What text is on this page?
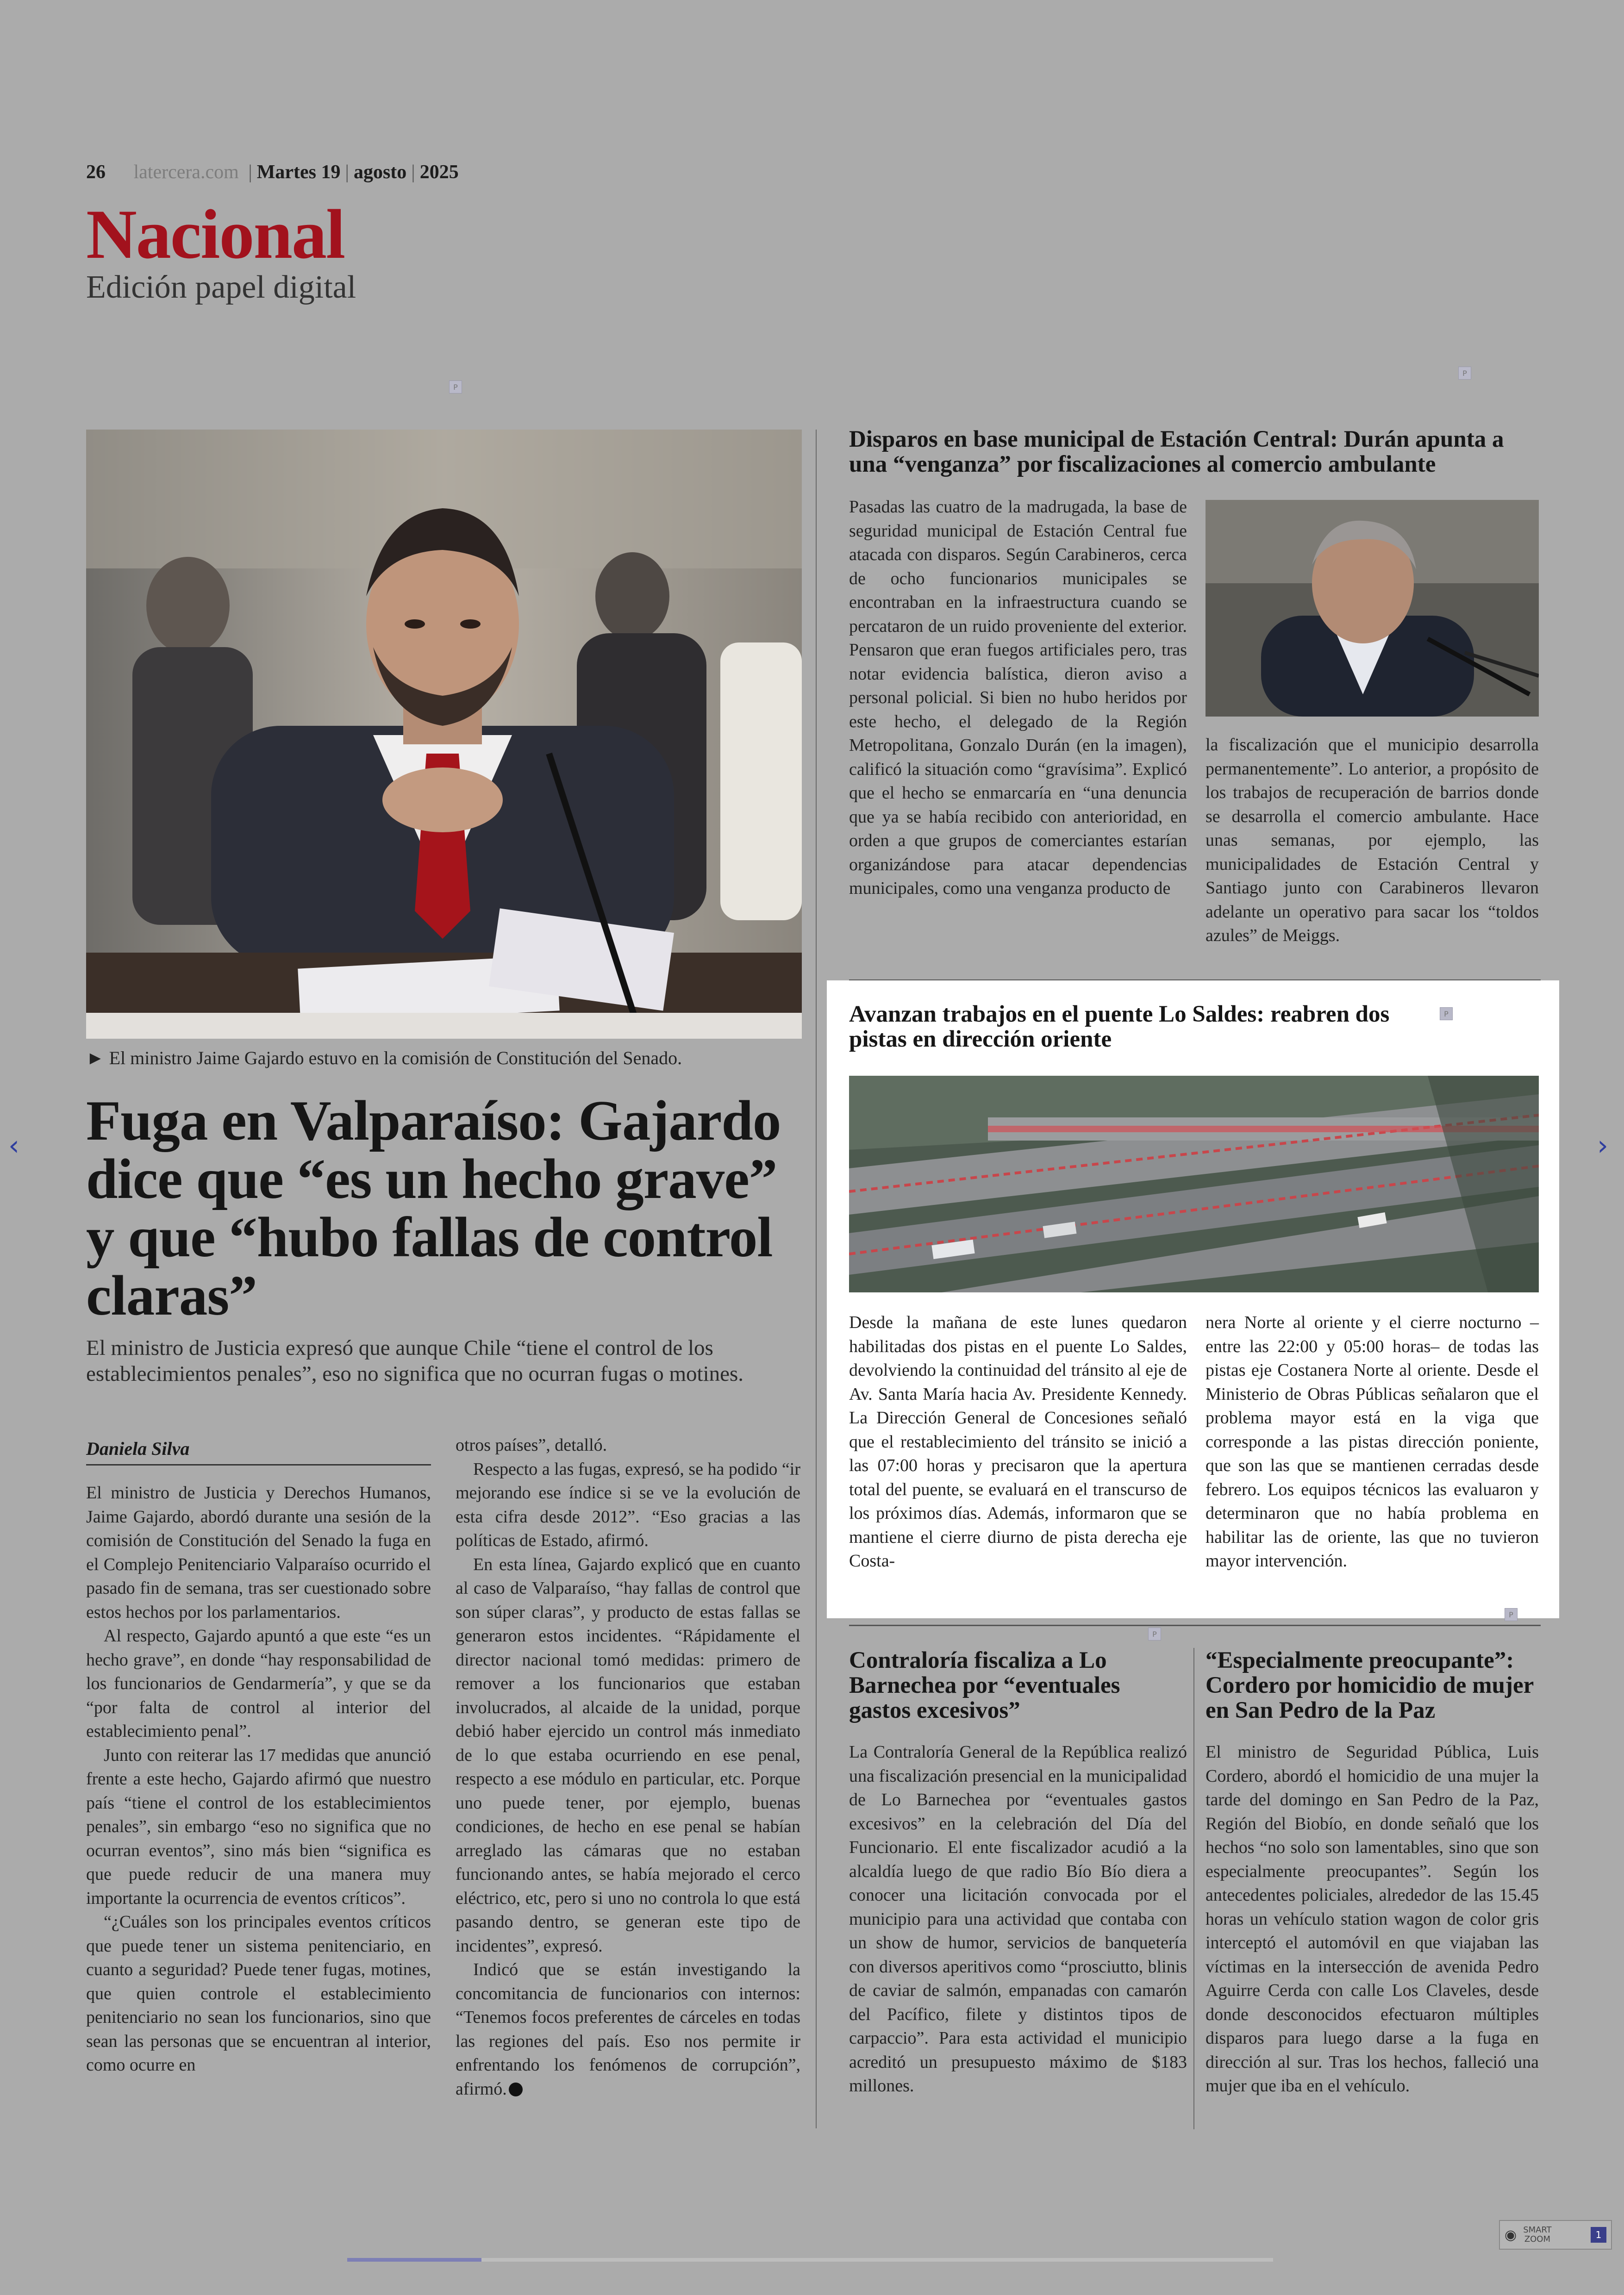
26 latercera.com | Martes 19 | agosto | 2025
Nacional
Edición papel digital
P
P
► El ministro Jaime Gajardo estuvo en la comisión de Constitución del Senado.
Fuga en Valparaíso: Gajardo dice que “es un hecho grave” y que “hubo fallas de control claras”

El ministro de Justicia expresó que aunque Chile “tiene el control de los establecimientos penales”, eso no significa que no ocurran fugas o motines.

Daniela Silva

El ministro de Justicia y Derechos Humanos, Jaime Gajardo, abordó durante una sesión de la comisión de Constitución del Senado la fuga en el Complejo Penitenciario Valparaíso ocurrido el pasado fin de semana, tras ser cuestionado sobre estos hechos por los parlamentarios.

Al respecto, Gajardo apuntó a que este “es un hecho grave”, en donde “hay responsabilidad de los funcionarios de Gendarmería”, y que se da “por falta de control al interior del establecimiento penal”.

Junto con reiterar las 17 medidas que anunció frente a este hecho, Gajardo afirmó que nuestro país “tiene el control de los establecimientos penales”, sin embargo “eso no significa que no ocurran eventos”, sino más bien “significa es que puede reducir de una manera muy importante la ocurrencia de eventos críticos”.

“¿Cuáles son los principales eventos críticos que puede tener un sistema penitenciario, en cuanto a seguridad? Puede tener fugas, motines, que quien controle el establecimiento penitenciario no sean los funcionarios, sino que sean las personas que se encuentran al interior, como ocurre en

otros países”, detalló.

Respecto a las fugas, expresó, se ha podido “ir mejorando ese índice si se ve la evolución de esta cifra desde 2012”. “Eso gracias a las políticas de Estado, afirmó.

En esta línea, Gajardo explicó que en cuanto al caso de Valparaíso, “hay fallas de control que son súper claras”, y producto de estas fallas se generaron estos incidentes. “Rápidamente el director nacional tomó medidas: primero de remover a los funcionarios que estaban involucrados, al alcaide de la unidad, porque debió haber ejercido un control más inmediato de lo que estaba ocurriendo en ese penal, respecto a ese módulo en particular, etc. Porque uno puede tener, por ejemplo, buenas condiciones, de hecho en ese penal se habían arreglado las cámaras que no estaban funcionando antes, se había mejorado el cerco eléctrico, etc, pero si uno no controla lo que está pasando dentro, se generan este tipo de incidentes”, expresó.

Indicó que se están investigando la concomitancia de funcionarios con internos: “Tenemos focos preferentes de cárceles en todas las regiones del país. Eso nos permite ir enfrentando los fenómenos de corrupción”, afirmó.

Disparos en base municipal de Estación Central: Durán apunta a una “venganza” por fiscalizaciones al comercio ambulante

Pasadas las cuatro de la madrugada, la base de seguridad municipal de Estación Central fue atacada con disparos. Según Carabineros, cerca de ocho funcionarios municipales se encontraban en la infraestructura cuando se percataron de un ruido proveniente del exterior. Pensaron que eran fuegos artificiales pero, tras notar evidencia balística, dieron aviso a personal policial. Si bien no hubo heridos por este hecho, el delegado de la Región Metropolitana, Gonzalo Durán (en la imagen), calificó la situación como “gravísima”. Explicó que el hecho se enmarcaría en “una denuncia que ya se había recibido con anterioridad, en orden a que grupos de comerciantes estarían organizándose para atacar dependencias municipales, como una venganza producto de

la fiscalización que el municipio desarrolla permanentemente”. Lo anterior, a propósito de los trabajos de recuperación de barrios donde se desarrolla el comercio ambulante. Hace unas semanas, por ejemplo, las municipalidades de Estación Central y Santiago junto con Carabineros llevaron adelante un operativo para sacar los “toldos azules” de Meiggs.

Avanzan trabajos en el puente Lo Saldes: reabren dos pistas en dirección oriente
P

Desde la mañana de este lunes quedaron habilitadas dos pistas en el puente Lo Saldes, devolviendo la continuidad del tránsito al eje de Av. Santa María hacia Av. Presidente Kennedy. La Dirección General de Concesiones señaló que el restablecimiento del tránsito se inició a las 07:00 horas y precisaron que la apertura total del puente, se evaluará en el transcurso de los próximos días. Además, informaron que se mantiene el cierre diurno de pista derecha eje Costa-

nera Norte al oriente y el cierre nocturno –entre las 22:00 y 05:00 horas– de todas las pistas eje Costanera Norte al oriente. Desde el Ministerio de Obras Públicas señalaron que el problema mayor está en la viga que corresponde a las pistas dirección poniente, que son las que se mantienen cerradas desde febrero. Los equipos técnicos las evaluaron y determinaron que no había problema en habilitar las de oriente, las que no tuvieron mayor intervención.

P
P
Contraloría fiscaliza a Lo Barnechea por “eventuales gastos excesivos”

La Contraloría General de la República realizó una fiscalización presencial en la municipalidad de Lo Barnechea por “eventuales gastos excesivos” en la celebración del Día del Funcionario. El ente fiscalizador acudió a la alcaldía luego de que radio Bío Bío diera a conocer una licitación convocada por el municipio para una actividad que contaba con un show de humor, servicios de banquetería con diversos aperitivos como “prosciutto, blinis de caviar de salmón, empanadas con camarón del Pacífico, filete y distintos tipos de carpaccio”. Para esta actividad el municipio acreditó un presupuesto máximo de $183 millones.

“Especialmente preocupante”: Cordero por homicidio de mujer en San Pedro de la Paz

El ministro de Seguridad Pública, Luis Cordero, abordó el homicidio de una mujer la tarde del domingo en San Pedro de la Paz, Región del Biobío, en donde señaló que los hechos “no solo son lamentables, sino que son especialmente preocupantes”. Según los antecedentes policiales, alrededor de las 15.45 horas un vehículo station wagon de color gris interceptó el automóvil en que viajaban las víctimas en la intersección de avenida Pedro Aguirre Cerda con calle Los Claveles, desde donde desconocidos efectuaron múltiples disparos para luego darse a la fuga en dirección al sur. Tras los hechos, falleció una mujer que iba en el vehículo.

‹	›
◉ SMART
ZOOM	1
